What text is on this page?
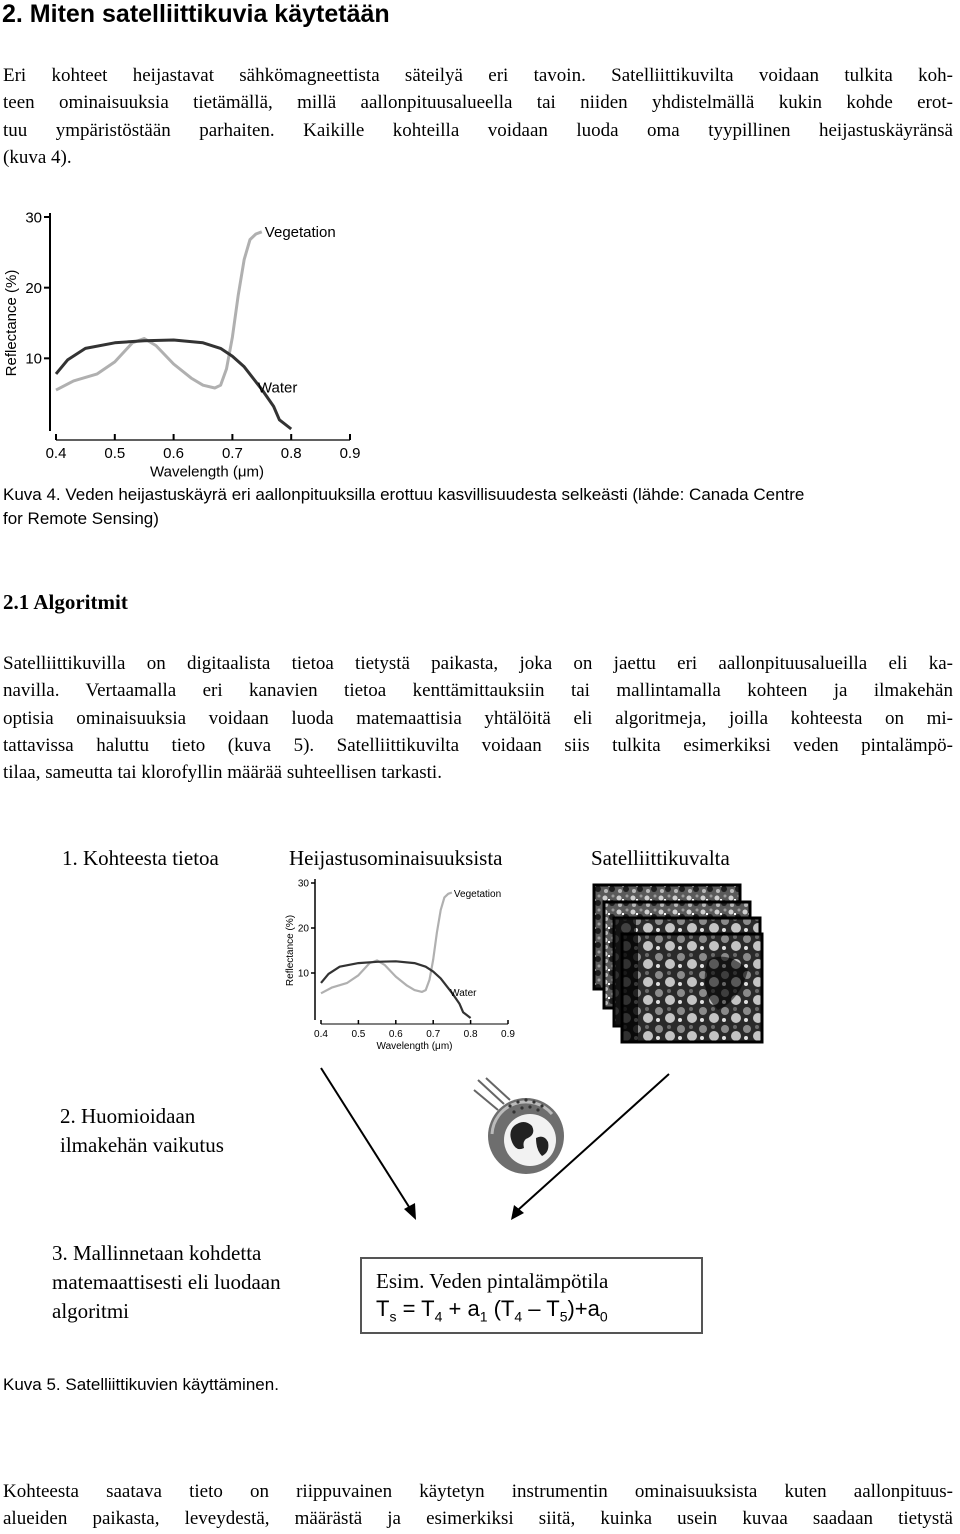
2. Miten satelliittikuvia käytetään
Eri kohteet heijastavat sähkömagneettista säteilyä eri tavoin. Satelliittikuvilta voidaan tulkita koh-
teen ominaisuuksia tietämällä, millä aallonpituusalueella tai niiden yhdistelmällä kukin kohde erot-
tuu ympäristöstään parhaiten. Kaikille kohteilla voidaan luoda oma tyypillinen heijastuskäyränsä
(kuva 4).
10
20
30
0.4	0.5	0.6	0.7	0.8	0.9
Wavelength (μm)
Reflectance (%)
Vegetation
Water
Kuva 4. Veden heijastuskäyrä eri aallonpituuksilla erottuu kasvillisuudesta selkeästi (lähde: Canada Centre
for Remote Sensing)
2.1 Algoritmit
Satelliittikuvilla on digitaalista tietoa tietystä paikasta, joka on jaettu eri aallonpituusalueilla eli ka-
navilla. Vertaamalla eri kanavien tietoa kenttämittauksiin tai mallintamalla kohteen ja ilmakehän
optisia ominaisuuksia voidaan luoda matemaattisia yhtälöitä eli algoritmeja, joilla kohteesta on mi-
tattavissa haluttu tieto (kuva 5). Satelliittikuvilta voidaan siis tulkita esimerkiksi veden pintalämpö-
tilaa, sameutta tai klorofyllin määrää suhteellisen tarkasti.
1. Kohteesta tietoa	Heijastusominaisuuksista	Satelliittikuvalta
10
20
30
0.4 0.5 0.6 0.7 0.8 0.9
Wavelength (μm)
Reflectance (%)
Vegetation
Water
2. Huomioidaan
ilmakehän vaikutus
3. Mallinnetaan kohdetta
matemaattisesti eli luodaan
algoritmi
Esim. Veden pintalämpötila
$T_s = T_4 + a_1$ $(T_4 - T_5)+a_0$
Kuva 5. Satelliittikuvien käyttäminen.
Kohteesta saatava tieto on riippuvainen käytetyn instrumentin ominaisuuksista kuten aallonpituus-
alueiden paikasta, leveydestä, määrästä ja esimerkiksi siitä, kuinka usein kuvaa saadaan tietystä
